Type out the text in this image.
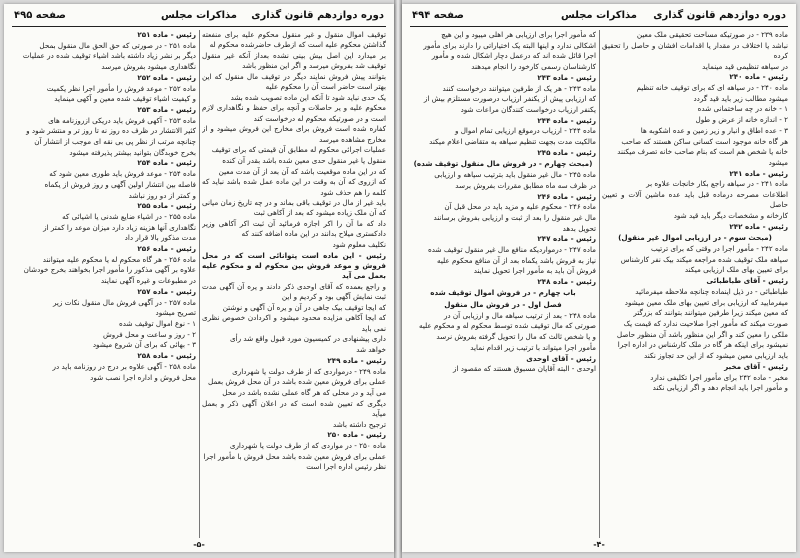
دوره دوازدهم قانون گذاری
مذاکرات مجلس
صفحه ۴۹۵

توقیف اموال منقول و غیر منقول محکوم علیه برای منفعته گذاشتن محکوم علیه است که ازطرف حاضرشده محکوم له

بر میدارد این اصل بیش بینی نشده بعداز آنکه غیر منقول توقیف شد بفروش میرسد و اگر این منظور باشد

بتوانند پیش فروش نمایند دیگر در توقیف مال منقول که این بهتر است حاضر است آن را محکوم علیه

یک حدی نباید شود تا آنکه این ماده تصویب شده بشد

محکوم علیه و یر حاصلات و آنچه برای حفظ و نگاهداری لازم است و در صورتیکه محکوم له درخواست کند

کفاره شده است فروش برای مخارج این فروش میشود و از مخارج مشاهده میرسد

عملیات اجرائی محکوم له مطابق آن قیمتی که برای توقیف

منقول یا غیر منقول حدی معین شده باشد بقدر آن کنده

که در این ماده موقعیت باشد که آن بعد از آن مدت معین

که ازروی که آن به وقت در این ماده عمل شده باشد نباید که کلمه را هم حذف شود

باید غیر از مال در توقیف باقی بماند و در چه تاریخ زمان میانی که آن ملک زیاده میشود که بعد از آکاهی ثبت

داد که ما آن را اکر اجازه فرمائید آن ثبت اکر آکاهی وزیر دادکستری میلاح بدانند در این ماده اضافه کنند که

نکلیف معلوم شود

رئیس - این ماده است پتوانائی است که در محل فروش و موعد فروش بین محکوم له و محکوم علیه بعمل می آید

و راجع بعمده که آقای اوحدی ذکر دادند و یره آن آگهی مدت ثبت نمایش آگهی بود و کردیم و این

که ایجا توقیف بیک جاهی در آن و یره آن آگهی و نوشتن

که ایجا آکاهی مزایده محدود میشود و اکردادن خصوص نظری نمی باید

داری پیشنهادی در کمیسیون مورد قبول واقع شد رأی

خواهد شد

رئیس - ماده ۲۴۹

ماده ۲۴۹ - درمواردی که از طرف دولت یا شهرداری

عملی برای فروش معین شده باشد در آن محل فروش بعمل

می آید و در محلی که هر گاه عملی نشده باشد در محل

دیگری که تعیین شده است که در اعلان آگهی ذکر و بعمل میآید

ترجیح داشته باشد

رئیس - ماده ۲۵۰

ماده ۲۵۰ - در مواردی که از طرف دولت یا شهرداری

عملی برای فروش معین شده باشد محل فروش با مأمور اجرا

نظر رئیس اداره اجرا است

رئیس - ماده ۲۵۱

ماده ۲۵۱ - در صورتی که حق الحق مال منقول بمحل

دیگر بر نشر زیاد داشته باشد اشیاء توقیف شده در عملیات

نگاهداری میشود بفروش میرسد

رئیس - ماده ۲۵۲

ماده ۲۵۲ - موعد فروش را مأمور اجرا نظر یکمیت

و کیفیت اشیاء توقیف شده معین و آکهی مینماید

رئیس - ماده ۲۵۳

ماده ۲۵۳ - آکهی فروش باید دریکی ازروزنامه های

کثیر الانتشار در ظرف ده روز نه تا روز تر و منتشر شود و

چنانچه مرتب از نظر پی بی نقه ای موجب از انتشار آن

بخرج خوبدگان بتوانید بیشتر پذیرفته میشود

رئیس - ماده ۲۵۴

ماده ۲۵۴ - موعد فروش باید طوری معین شود که

فاصله بین انتشار اولین آگهی و روز فروش از یکماه

و کمتر از دو روز نباشد

رئیس - ماده ۲۵۵

ماده ۲۵۵ - در اشیاء ضایع شدنی یا اشیائی که

نگاهداری آنها هزینه زیاد دارد میزان موعد را کمتر از

مدت مذکور بالا قرار داد

رئیس - ماده ۲۵۶

ماده ۲۵۶ - هر گاه محکوم له یا محکوم علیه میتوانند

علاوه بر آگهی مذکور را مأمور اجرا بخواهند بخرج خودشان

در مطبوعات و غیره آگهی نمایند

رئیس - ماده ۲۵۷

ماده ۲۵۷ - در آگهی فروش مال منقول نکات زیر

تصریح میشود

۱ - نوع اموال توقیف شده

۲ - روز و ساعت و محل فروش

۳ - بهائی که برای آن شروع میشود

رئیس - ماده ۲۵۸

ماده ۲۵۸ - آگهی علاوه بر درج در روزنامه باید در

محل فروش و اداره اجرا نصب شود

-۵-
دوره دوازدهم قانون گذاری
مذاکرات مجلس
صفحه ۴۹۴

ماده ۲۳۹ - در صورتیکه مساحت تحقیقی ملک معین

نباشد یا اختلاف در مقدار یا اقدامات افشان و حاصل را تحقیق کرده

در سیاهه تنظیمی قید مینماید

رئیس - ماده ۲۴۰

ماده ۲۴۰ - در سیاهه ای که برای توقیف خانه تنظیم

میشود مطالب زیر باید قید گردد

۱ - خانه در چه ساختمانی شده

۲ - اندازه خانه از عرض و طول

۳ - عده اطاق و انبار و زیر زمین و عده اشکوبه ها

هر گاه خانه موجود است کسانی ساکن هستند که صاحب

خانه یا شخص هم است که بنام صاحب خانه تصرف میکنند

میشود

رئیس - ماده ۲۴۱

ماده ۲۴۱ - در سیاهه راجع بکار خانجات علاوه بر

اطلاعات مصرحه درماده قبل باید عده ماشین آلات و تعیین حاصل

کارخانه و مشخصات دیگر باید قید شود

رئیس - ماده ۲۴۲

(مبحث سوم - در ارزیابی اموال غیر منقول)

ماده ۲۴۲ - مأمور اجرا در وقتی که برای ترتیب

سیاهه ملک توقیف شده مراجعه میکند بیک نفر کارشناس

برای تعیین بهای ملک ارزیابی میکند

رئیس - آقای طباطبائی

طباطبائی - در ذیل اینماده چنانچه ملاحظه میفرمائید

میفرمایید که ارزیابی برای تعیین بهای ملک معین میشود

که معین میکند زیرا طرفین میتوانند بتوانند که بزرگتر

صورت میکند که مأمور اجرا صلاحیت ندارد که قیمت یک

ملکی را معین کند و اگر این منظور باشد آن منظور حاصل

نمیشود برای اینکه هر گاه در ملک کارشناس در اداره اجرا

باید ارزیابی معین میشود که از این حد تجاوز نکند

رئیس - آقای مخبر

مخبر - ماده ۲۴۲ برای مأمور اجرا تکلیفی ندارد

و مأمور اجرا باید انجام دهد و اگر ارزیابی نکند

که مأمور اجرا برای ارزیابی هر اهلی مییود و این هیچ

اشکالی ندارد و اینها البته یک اختیاراتی را دارند برای مأمور

اجرا قائل شده اند که درعمل دچار اشکال شده و مأمور

کارشناسان رسمی کارخود را انجام میدهند

رئیس - ماده ۲۴۳

ماده ۲۴۳ - هر یک از طرفین میتوانند درخواست کنند

که ارزیابی پیش از یکنفر ارزیاب درصورت مستلزم بیش از

یکنفر ارزیاب درخواست کنندگان مراعات شود

رئیس - ماده ۲۴۴

ماده ۲۴۴ - ارزیاب درموقع ارزیابی تمام اموال و

مالکیت مدت بجهت تنظیم سیاهه به متقاضی اعلام میکند

رئیس - ماده ۲۴۵

(مبحث چهارم - در فروش مال منقول توقیف شده)

ماده ۲۴۵ - مال غیر منقول باید بترتیب سیاهه و ارزیابی

در ظرف سه ماه مطابق مقررات بفروش برسد

رئیس - ماده ۲۴۶

ماده ۲۴۶ - محکوم علیه و مزید باید در محل قبل آن

مال غیر منقول را بعد از ثبت و ارزیابی بفروش برسانند

تحویل بدهد

رئیس - ماده ۲۴۷

ماده ۲۴۷ - درمواردیکه منافع مال غیر منقول توقیف شده

نیاز به فروش باشد یکماه بعد از آن منافع محکوم علیه

فروش آن باید به مأمور اجرا تحویل نمایند

رئیس - ماده ۲۴۸

باب چهارم - در فروش اموال توقیف شده

فصل اول - در فروش مال منقول

ماده ۲۴۸ - بعد از ترتیب سیاهه مال و ارزیابی آن در

صورتی که مال توقیف شده توسط محکوم له و محکوم علیه

و یا شخص ثالث که مال را تحویل گرفته بفروش نرسد

مأمور اجرا میتواند با ترتیب زیر اقدام نماید

رئیس - آقای اوحدی

اوحدی - البته آقایان مسبوق هستند که مقصود از

-۴-
